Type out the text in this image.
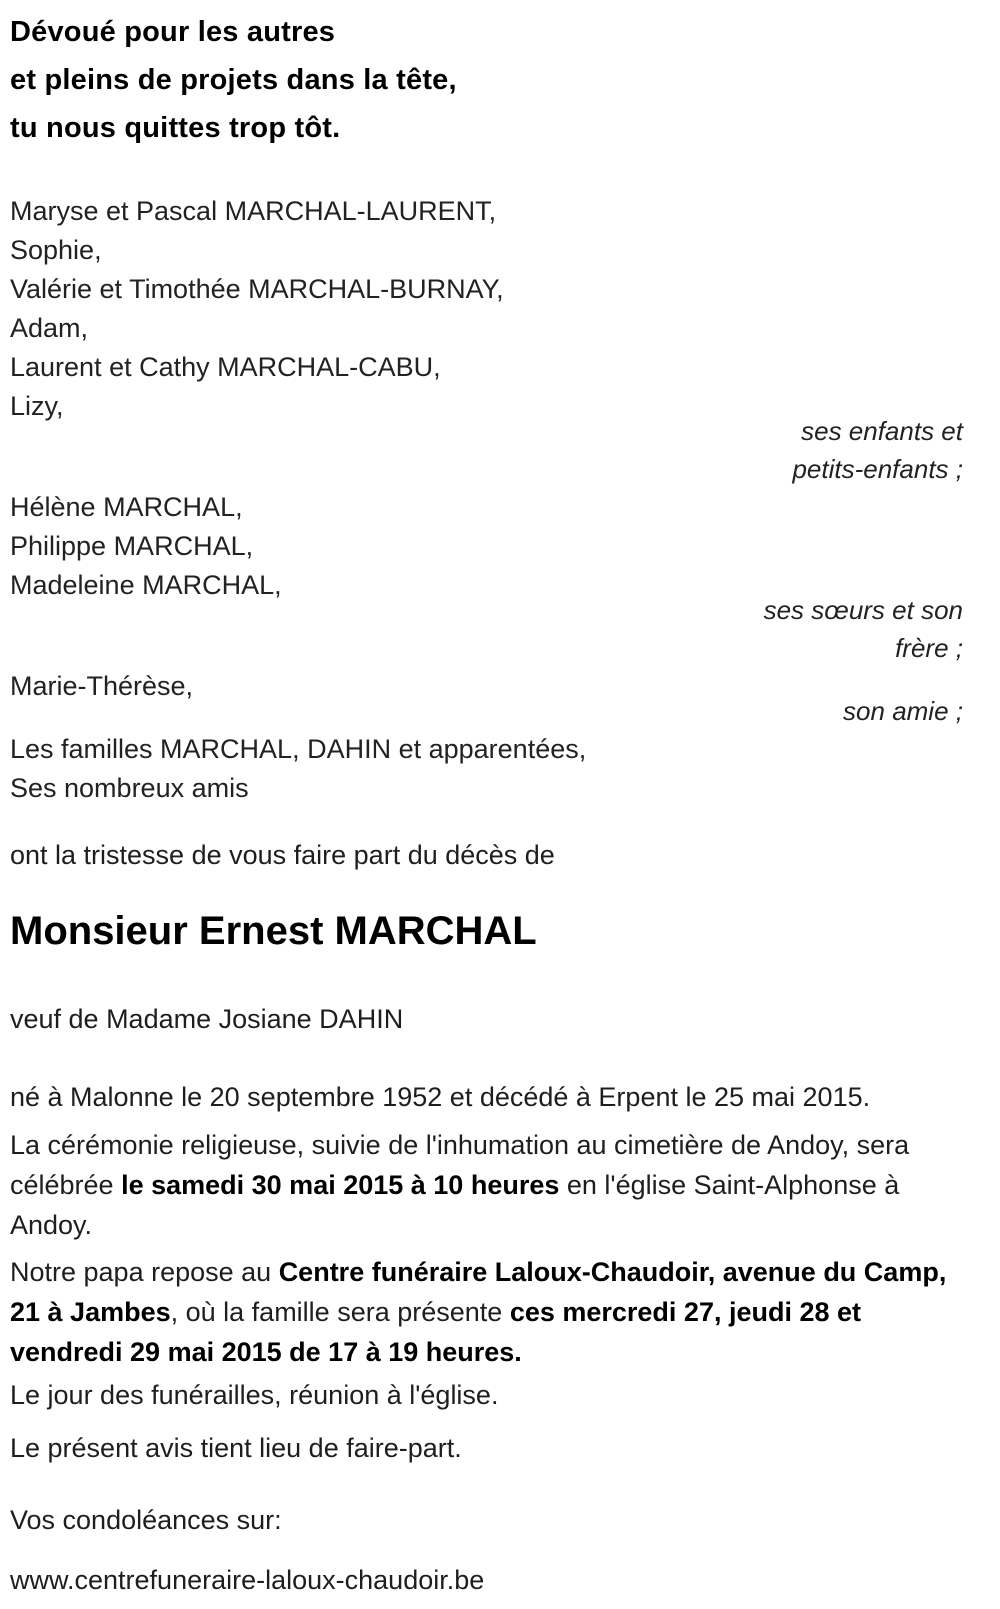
Dévoué pour les autres

et pleins de projets dans la tête,

tu nous quittes trop tôt.

Maryse et Pascal MARCHAL-LAURENT,

Sophie,

Valérie et Timothée MARCHAL-BURNAY,

Adam,

Laurent et Cathy MARCHAL-CABU,

Lizy,

ses enfants et

petits-enfants ;

Hélène MARCHAL,

Philippe MARCHAL,

Madeleine MARCHAL,

ses sœurs et son

frère ;

Marie-Thérèse,

son amie ;

Les familles MARCHAL, DAHIN et apparentées,

Ses nombreux amis

ont la tristesse de vous faire part du décès de

Monsieur Ernest MARCHAL

veuf de Madame Josiane DAHIN

né à Malonne le 20 septembre 1952 et décédé à Erpent le 25 mai 2015.

La cérémonie religieuse, suivie de l'inhumation au cimetière de Andoy, sera célébrée le samedi 30 mai 2015 à 10 heures en l'église Saint-Alphonse à Andoy.

Notre papa repose au Centre funéraire Laloux-Chaudoir, avenue du Camp, 21 à Jambes, où la famille sera présente ces mercredi 27, jeudi 28 et vendredi 29 mai 2015 de 17 à 19 heures.

Le jour des funérailles, réunion à l'église.

Le présent avis tient lieu de faire-part.

Vos condoléances sur:

www.centrefuneraire-laloux-chaudoir.be
